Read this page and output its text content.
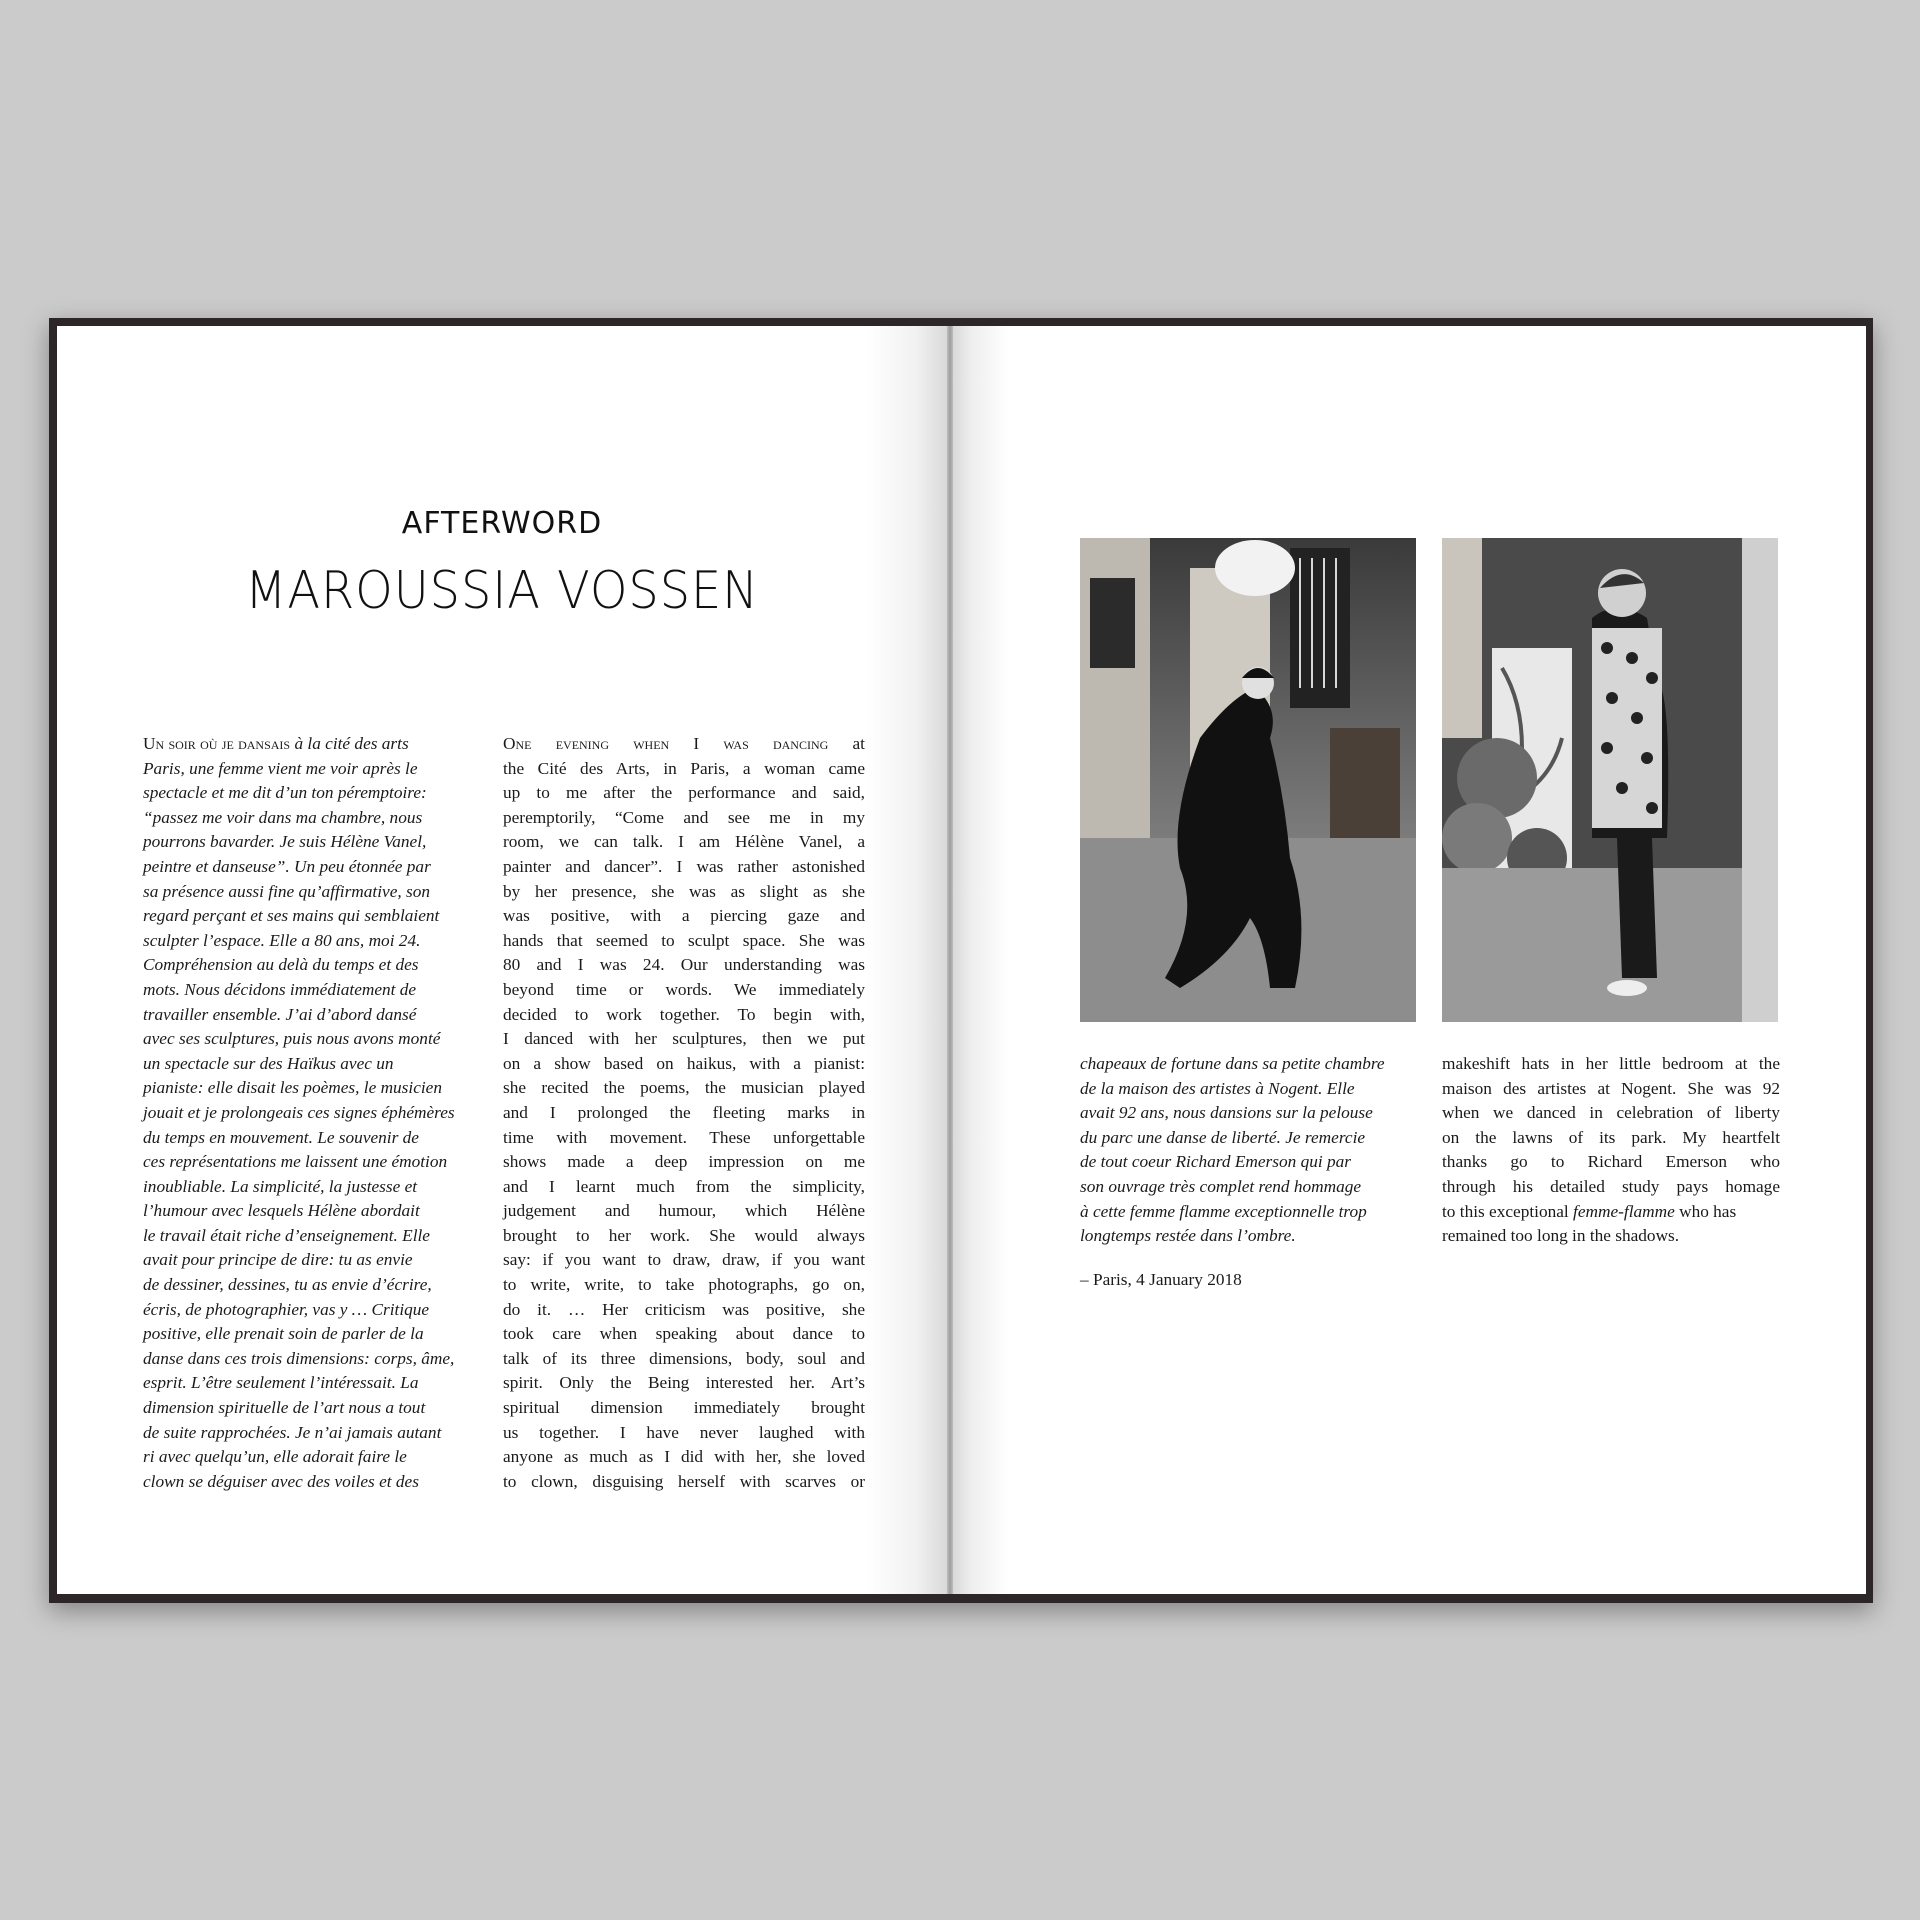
AFTERWORD
MAROUSSIA VOSSEN
Un soir où je dansais à la cité des arts
Paris, une femme vient me voir après le
spectacle et me dit d’un ton péremptoire:
“passez me voir dans ma chambre, nous
pourrons bavarder. Je suis Hélène Vanel,
peintre et danseuse”. Un peu étonnée par
sa présence aussi fine qu’affirmative, son
regard perçant et ses mains qui semblaient
sculpter l’espace. Elle a 80 ans, moi 24.
Compréhension au delà du temps et des
mots. Nous décidons immédiatement de
travailler ensemble. J’ai d’abord dansé
avec ses sculptures, puis nous avons monté
un spectacle sur des Haïkus avec un
pianiste: elle disait les poèmes, le musicien
jouait et je prolongeais ces signes éphémères
du temps en mouvement. Le souvenir de
ces représentations me laissent une émotion
inoubliable. La simplicité, la justesse et
l’humour avec lesquels Hélène abordait
le travail était riche d’enseignement. Elle
avait pour principe de dire: tu as envie
de dessiner, dessines, tu as envie d’écrire,
écris, de photographier, vas y … Critique
positive, elle prenait soin de parler de la
danse dans ces trois dimensions: corps, âme,
esprit. L’être seulement l’intéressait. La
dimension spirituelle de l’art nous a tout
de suite rapprochées. Je n’ai jamais autant
ri avec quelqu’un, elle adorait faire le
clown se déguiser avec des voiles et des
One evening when I was dancing at
the Cité des Arts, in Paris, a woman came
up to me after the performance and said,
peremptorily, “Come and see me in my
room, we can talk. I am Hélène Vanel, a
painter and dancer”. I was rather astonished
by her presence, she was as slight as she
was positive, with a piercing gaze and
hands that seemed to sculpt space. She was
80 and I was 24. Our understanding was
beyond time or words. We immediately
decided to work together. To begin with,
I danced with her sculptures, then we put
on a show based on haikus, with a pianist:
she recited the poems, the musician played
and I prolonged the fleeting marks in
time with movement. These unforgettable
shows made a deep impression on me
and I learnt much from the simplicity,
judgement and humour, which Hélène
brought to her work. She would always
say: if you want to draw, draw, if you want
to write, write, to take photographs, go on,
do it. … Her criticism was positive, she
took care when speaking about dance to
talk of its three dimensions, body, soul and
spirit. Only the Being interested her. Art’s
spiritual dimension immediately brought
us together. I have never laughed with
anyone as much as I did with her, she loved
to clown, disguising herself with scarves or
chapeaux de fortune dans sa petite chambre
de la maison des artistes à Nogent. Elle
avait 92 ans, nous dansions sur la pelouse
du parc une danse de liberté. Je remercie
de tout coeur Richard Emerson qui par
son ouvrage très complet rend hommage
à cette femme flamme exceptionnelle trop
longtemps restée dans l’ombre.
makeshift hats in her little bedroom at the
maison des artistes at Nogent. She was 92
when we danced in celebration of liberty
on the lawns of its park. My heartfelt
thanks go to Richard Emerson who
through his detailed study pays homage
to this exceptional femme-flamme who has
remained too long in the shadows.
– Paris, 4 January 2018
